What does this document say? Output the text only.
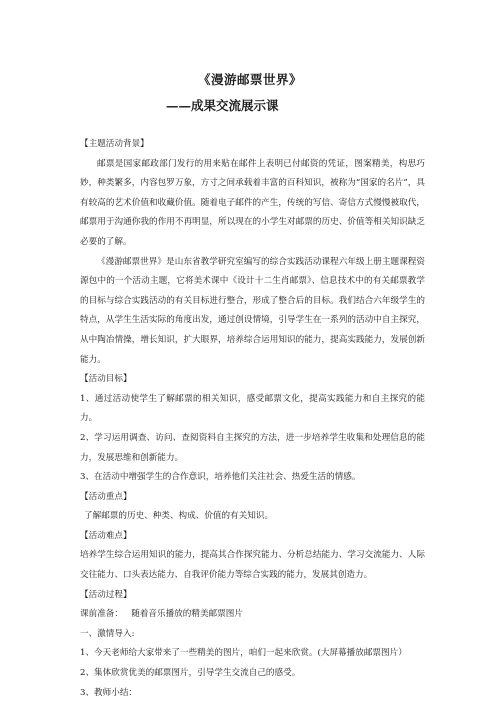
《漫游邮票世界》
——成果交流展示课

【主题活动背景】

邮票是国家邮政部门发行的用来贴在邮件上表明已付邮资的凭证，图案精美，构思巧妙，种类繁多，内容包罗万象，方寸之间承载着丰富的百科知识，被称为“国家的名片”，具有较高的艺术价值和收藏价值。随着电子邮件的产生，传统的写信、寄信方式慢慢被取代，邮票用于沟通你我的作用不再明显，所以现在的小学生对邮票的历史、价值等相关知识缺乏必要的了解。

《漫游邮票世界》是山东省教学研究室编写的综合实践活动课程六年级上册主题课程资源包中的一个活动主题，它将美术课中《设计十二生肖邮票》、信息技术中的有关邮票教学的目标与综合实践活动的有关目标进行整合，形成了整合后的目标。我们结合六年级学生的特点，从学生生活实际的角度出发，通过创设情境，引导学生在一系列的活动中自主探究，从中陶冶情操，增长知识，扩大眼界，培养综合运用知识的能力，提高实践能力，发展创新能力。

【活动目标】

1、通过活动使学生了解邮票的相关知识，感受邮票文化，提高实践能力和自主探究的能力。

2、学习运用调查、访问、查阅资料自主探究的方法，进一步培养学生收集和处理信息的能力，发展思维和创新能力。

3、在活动中增强学生的合作意识，培养他们关注社会、热爱生活的情感。

【活动重点】

了解邮票的历史、种类、构成、价值的有关知识。

【活动难点】

培养学生综合运用知识的能力，提高其合作探究能力、分析总结能力、学习交流能力、人际交往能力、口头表达能力、自我评价能力等综合实践的能力，发展其创造力。

【活动过程】

课前准备： 随着音乐播放的精美邮票图片

一、激情导入:

1、今天老师给大家带来了一些精美的图片，咱们一起来欣赏。(大屏幕播放邮票图片）

2、集体欣赏优美的邮票图片，引导学生交流自己的感受。

3、教师小结：
